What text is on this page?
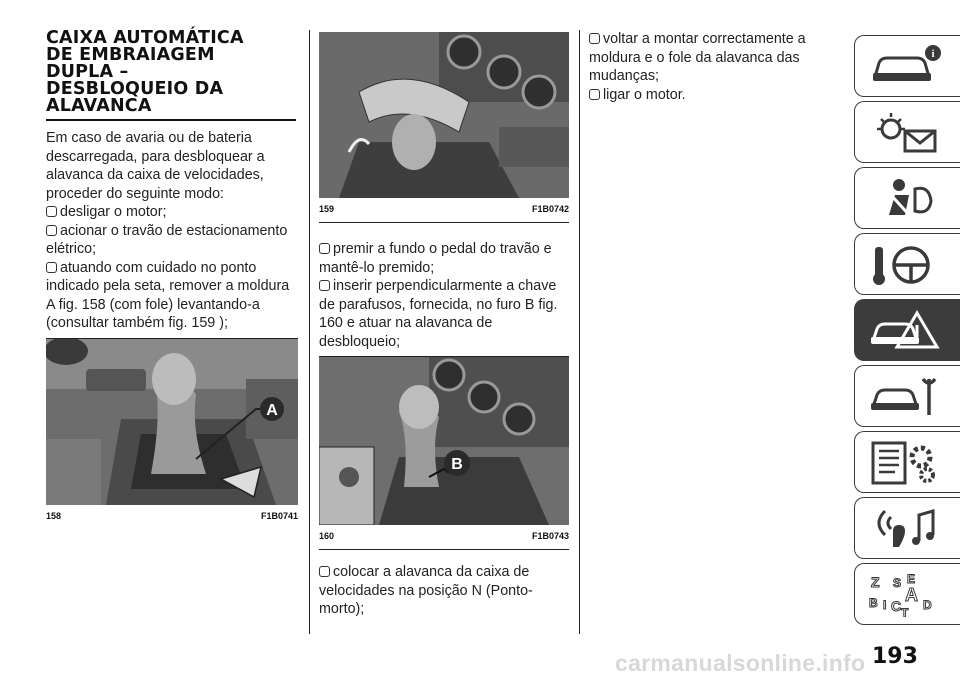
CAIXA AUTOMÁTICA
DE EMBRAIAGEM
DUPLA –
DESBLOQUEIO DA
ALAVANCA
Em caso de avaria ou de bateria descarregada, para desbloquear a alavanca da caixa de velocidades, proceder do seguinte modo:
desligar o motor;
acionar o travão de estacionamento elétrico;
atuando com cuidado no ponto indicado pela seta, remover a moldura A fig. 158 (com fole) levantando-a (consultar também fig. 159 );
A
158	F1B0741
159	F1B0742
premir a fundo o pedal do travão e mantê-lo premido;
inserir perpendicularmente a chave de parafusos, fornecida, no furo B fig. 160 e atuar na alavanca de desbloqueio;
B
160	F1B0743
colocar a alavanca da caixa de velocidades na posição N (Ponto-morto);
voltar a montar correctamente a moldura e o fole da alavanca das mudanças;
ligar o motor.
i
Z E
S
A
B I C D
T
193
carmanualsonline.info
